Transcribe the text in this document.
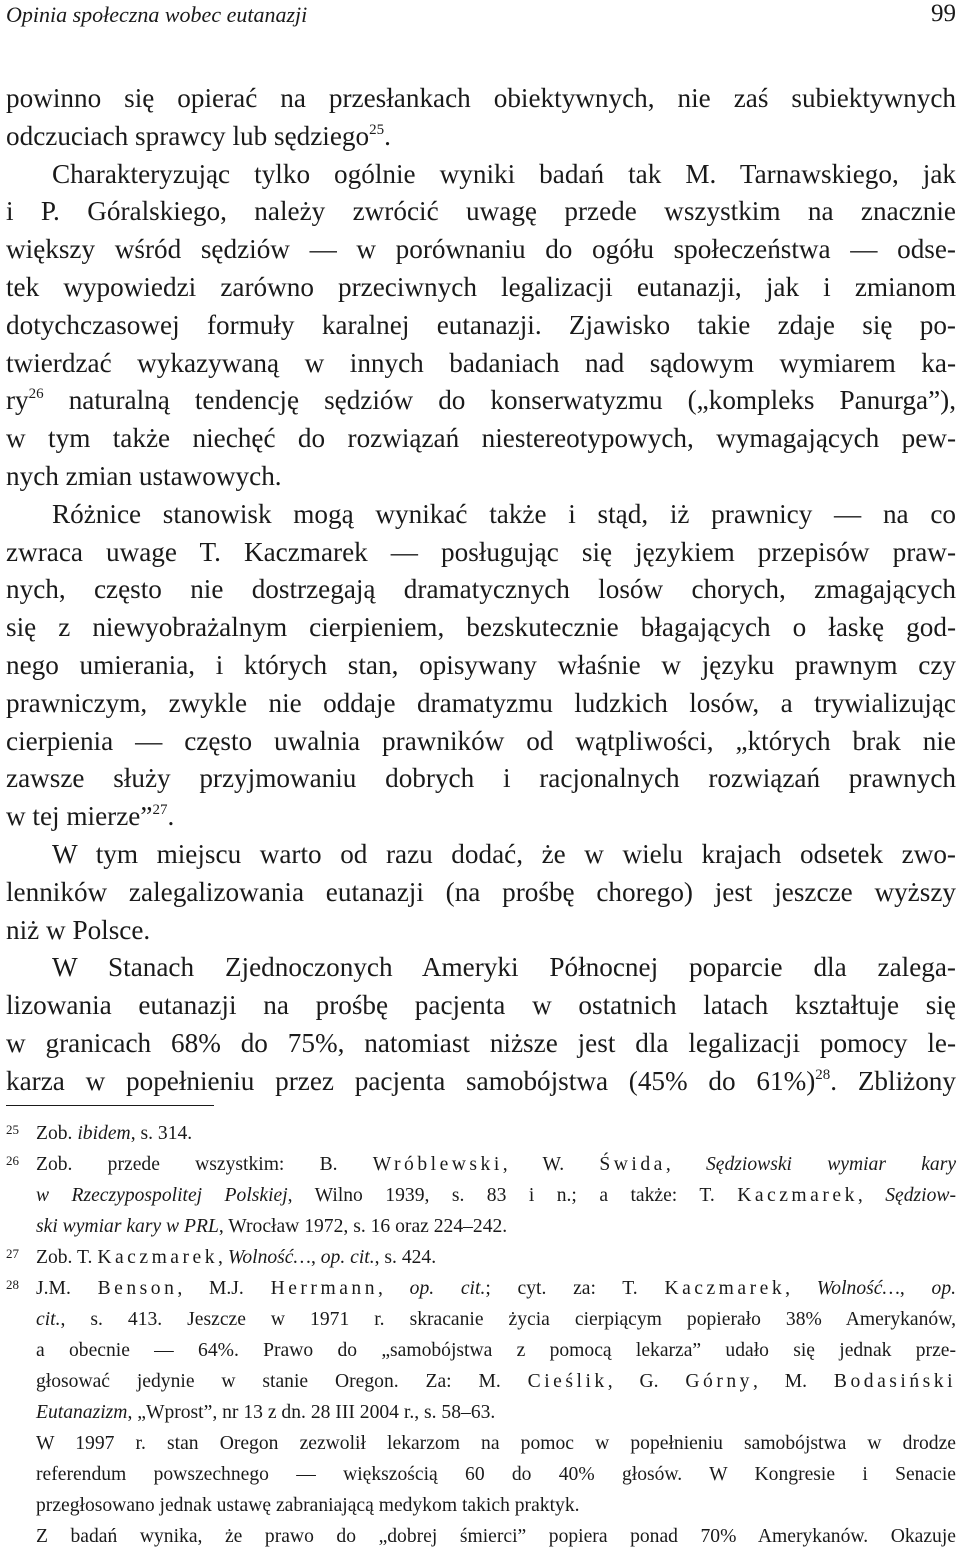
Opinia społeczna wobec eutanazji	99

powinno się opierać na przesłankach obiektywnych, nie zaś subiektywnych

odczuciach sprawcy lub sędziego$^{25}$.

Charakteryzując tylko ogólnie wyniki badań tak M. Tarnawskiego, jak

i P. Góralskiego, należy zwrócić uwagę przede wszystkim na znacznie

większy wśród sędziów — w porównaniu do ogółu społeczeństwa — odse-

tek wypowiedzi zarówno przeciwnych legalizacji eutanazji, jak i zmianom

dotychczasowej formuły karalnej eutanazji. Zjawisko takie zdaje się po-

twierdzać wykazywaną w innych badaniach nad sądowym wymiarem ka-

$ry^{26}$ naturalną tendencję sędziów do konserwatyzmu („kompleks Panurga”),

w tym także niechęć do rozwiązań niestereotypowych, wymagających pew-

nych zmian ustawowych.

Różnice stanowisk mogą wynikać także i stąd, iż prawnicy — na co

zwraca uwage T. Kaczmarek — posługując się językiem przepisów praw-

nych, często nie dostrzegają dramatycznych losów chorych, zmagających

się z niewyobrażalnym cierpieniem, bezskutecznie błagających o łaskę god-

nego umierania, i których stan, opisywany właśnie w języku prawnym czy

prawniczym, zwykle nie oddaje dramatyzmu ludzkich losów, a trywializując

cierpienia — często uwalnia prawników od wątpliwości, „których brak nie

zawsze służy przyjmowaniu dobrych i racjonalnych rozwiązań prawnych

w tej mierze”$^{27}$.

W tym miejscu warto od razu dodać, że w wielu krajach odsetek zwo-

lenników zalegalizowania eutanazji (na prośbę chorego) jest jeszcze wyższy

niż w Polsce.

W Stanach Zjednoczonych Ameryki Północnej poparcie dla zalega-

lizowania eutanazji na prośbę pacjenta w ostatnich latach kształtuje się

w granicach 68% do 75%, natomiast niższe jest dla legalizacji pomocy le-

karza w popełnieniu przez pacjenta samobójstwa (45% do 61%)$^{28}$. Zbliżony

25 Zob. ibidem, s. 314.

26 Zob. przede wszystkim: B. Wróblewski, W. Świda, Sędziowski wymiar kary

w Rzeczypospolitej Polskiej, Wilno 1939, s. 83 i n.; a także: T. Kaczmarek, Sędziow-

ski wymiar kary w PRL, Wrocław 1972, s. 16 oraz 224–242.

27 Zob. T. Kaczmarek, Wolność…, op. cit., s. 424.

28 J.M. Benson, M.J. Herrmann, op. cit.; cyt. za: T. Kaczmarek, Wolność…, op.

cit., s. 413. Jeszcze w 1971 r. skracanie życia cierpiącym popierało 38% Amerykanów,

a obecnie — 64%. Prawo do „samobójstwa z pomocą lekarza” udało się jednak prze-

głosować jedynie w stanie Oregon. Za: M. Cieślik, G. Górny, M. Bodasiński

Eutanazizm, „Wprost”, nr 13 z dn. 28 III 2004 r., s. 58–63.

W 1997 r. stan Oregon zezwolił lekarzom na pomoc w popełnieniu samobójstwa w drodze

referendum powszechnego — większością 60 do 40% głosów. W Kongresie i Senacie

przegłosowano jednak ustawę zabraniającą medykom takich praktyk.

Z badań wynika, że prawo do „dobrej śmierci” popiera ponad 70% Amerykanów. Okazuje
